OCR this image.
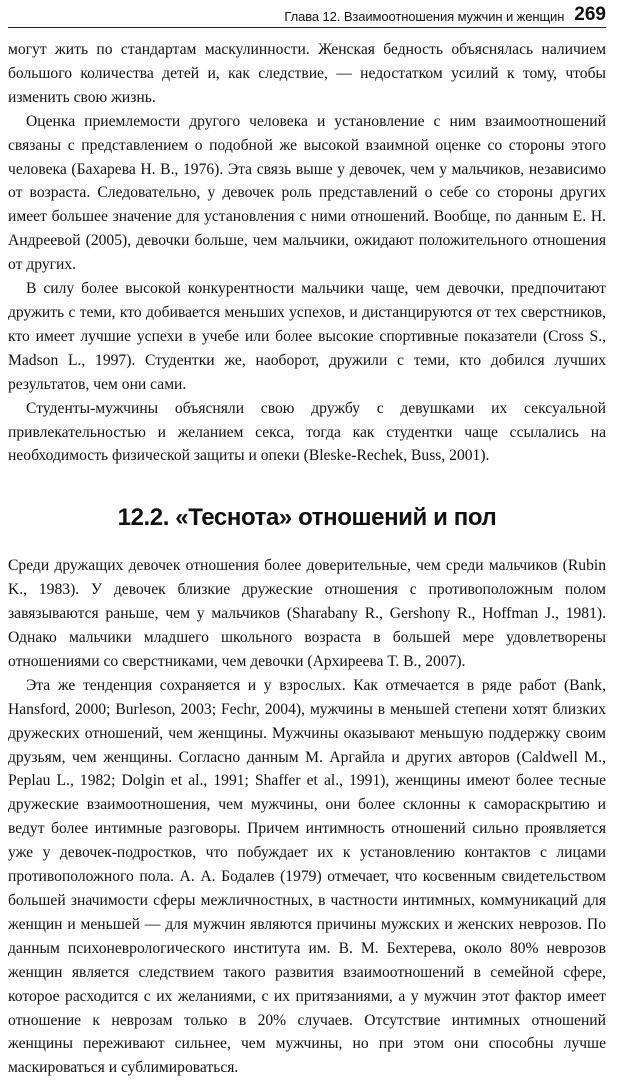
Глава 12. Взаимоотношения мужчин и женщин 269

могут жить по стандартам маскулинности. Женская бедность объяснялась наличием большого количества детей и, как следствие, — недостатком усилий к тому, чтобы изменить свою жизнь.

Оценка приемлемости другого человека и установление с ним взаимоотношений связаны с представлением о подобной же высокой взаимной оценке со стороны этого человека (Бахарева Н. В., 1976). Эта связь выше у девочек, чем у мальчиков, независимо от возраста. Следовательно, у девочек роль представлений о себе со стороны других имеет большее значение для установления с ними отношений. Вообще, по данным Е. Н. Андреевой (2005), девочки больше, чем мальчики, ожидают положительного отношения от других.

В силу более высокой конкурентности мальчики чаще, чем девочки, предпочитают дружить с теми, кто добивается меньших успехов, и дистанцируются от тех сверстников, кто имеет лучшие успехи в учебе или более высокие спортивные показатели (Cross S., Madson L., 1997). Студентки же, наоборот, дружили с теми, кто добился лучших результатов, чем они сами.

Студенты-мужчины объясняли свою дружбу с девушками их сексуальной привлекательностью и желанием секса, тогда как студентки чаще ссылались на необходимость физической защиты и опеки (Bleske-Rechek, Buss, 2001).

12.2. «Теснота» отношений и пол

Среди дружащих девочек отношения более доверительные, чем среди мальчиков (Rubin K., 1983). У девочек близкие дружеские отношения с противоположным полом завязываются раньше, чем у мальчиков (Sharabany R., Gershony R., Hoffman J., 1981). Однако мальчики младшего школьного возраста в большей мере удовлетворены отношениями со сверстниками, чем девочки (Архиреева Т. В., 2007).

Эта же тенденция сохраняется и у взрослых. Как отмечается в ряде работ (Bank, Hansford, 2000; Burleson, 2003; Fechr, 2004), мужчины в меньшей степени хотят близких дружеских отношений, чем женщины. Мужчины оказывают меньшую поддержку своим друзьям, чем женщины. Согласно данным М. Аргайла и других авторов (Caldwell M., Peplau L., 1982; Dolgin et al., 1991; Shaffer et al., 1991), женщины имеют более тесные дружеские взаимоотношения, чем мужчины, они более склонны к самораскрытию и ведут более интимные разговоры. Причем интимность отношений сильно проявляется уже у девочек-подростков, что побуждает их к установлению контактов с лицами противоположного пола. А. А. Бодалев (1979) отмечает, что косвенным свидетельством большей значимости сферы межличностных, в частности интимных, коммуникаций для женщин и меньшей — для мужчин являются причины мужских и женских неврозов. По данным психоневрологического института им. В. М. Бехтерева, около 80% неврозов женщин является следствием такого развития взаимоотношений в семейной сфере, которое расходится с их желаниями, с их притязаниями, а у мужчин этот фактор имеет отношение к неврозам только в 20% случаев. Отсутствие интимных отношений женщины переживают сильнее, чем мужчины, но при этом они способны лучше маскироваться и сублимироваться.
